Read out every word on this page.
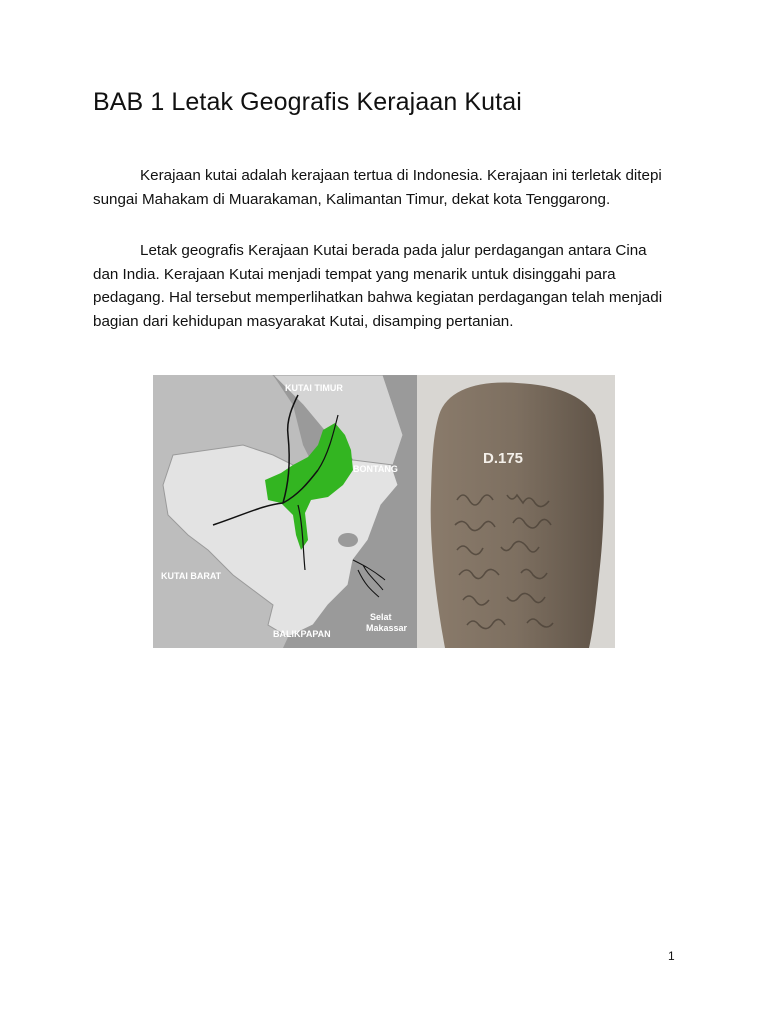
BAB 1 Letak Geografis Kerajaan Kutai
Kerajaan kutai adalah kerajaan tertua di Indonesia. Kerajaan ini terletak ditepi sungai Mahakam di Muarakaman, Kalimantan Timur, dekat kota Tenggarong.
Letak geografis Kerajaan Kutai berada pada jalur perdagangan antara Cina dan India. Kerajaan Kutai menjadi tempat yang menarik untuk disinggahi para pedagang. Hal tersebut memperlihatkan bahwa kegiatan perdagangan telah menjadi bagian dari kehidupan masyarakat Kutai, disamping pertanian.
KUTAI TIMUR
BONTANG
KUTAI BARAT
Selat
Makassar
BALIKPAPAN
D.175
1
